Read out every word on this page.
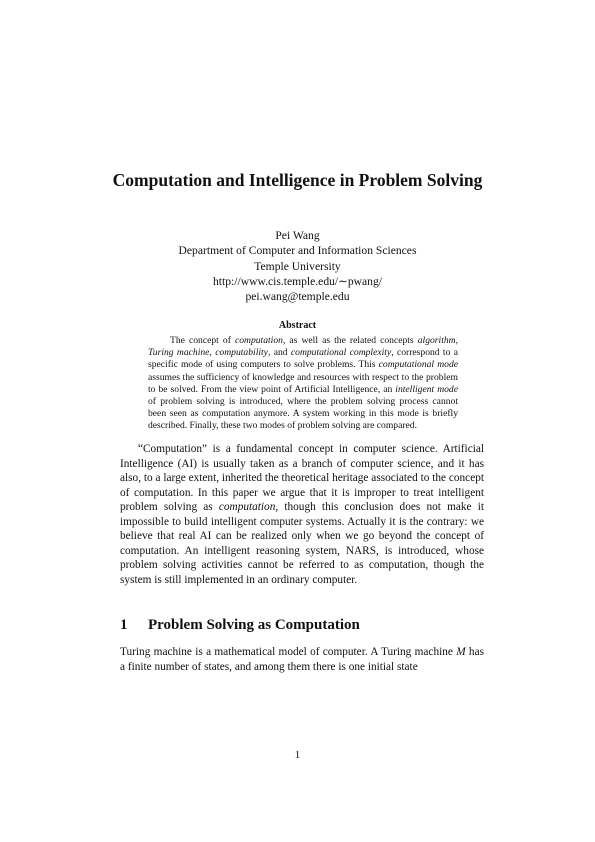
Computation and Intelligence in Problem Solving
Pei Wang
Department of Computer and Information Sciences
Temple University
http://www.cis.temple.edu/∼pwang/
pei.wang@temple.edu
Abstract

The concept of computation, as well as the related concepts algorithm, Turing machine, computability, and computational complexity, correspond to a specific mode of using computers to solve problems. This computational mode assumes the sufficiency of knowledge and resources with respect to the problem to be solved. From the view point of Artificial Intelligence, an intelligent mode of problem solving is introduced, where the problem solving process cannot been seen as computation anymore. A system working in this mode is briefly described. Finally, these two modes of problem solving are compared.

“Computation” is a fundamental concept in computer science. Artificial Intelligence (AI) is usually taken as a branch of computer science, and it has also, to a large extent, inherited the theoretical heritage associated to the concept of computation. In this paper we argue that it is improper to treat intelligent problem solving as computation, though this conclusion does not make it impossible to build intelligent computer systems. Actually it is the contrary: we believe that real AI can be realized only when we go beyond the concept of computation. An intelligent reasoning system, NARS, is introduced, whose problem solving activities cannot be referred to as computation, though the system is still implemented in an ordinary computer.

1 Problem Solving as Computation

Turing machine is a mathematical model of computer. A Turing machine M has a finite number of states, and among them there is one initial state

1
